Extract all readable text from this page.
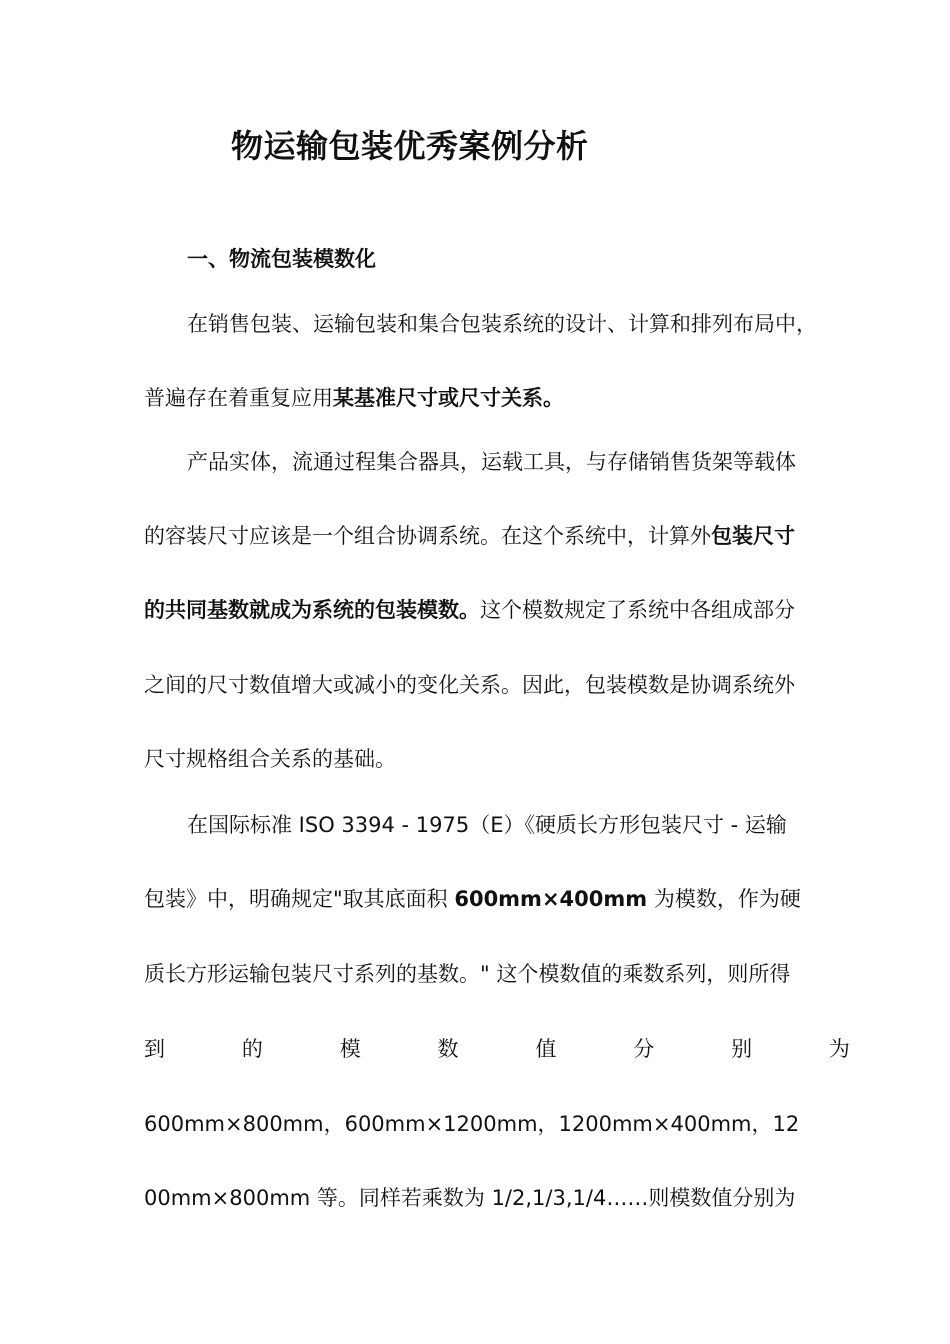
物运输包装优秀案例分析
一、物流包装模数化
在销售包装、运输包装和集合包装系统的设计、计算和排列布局中，
普遍存在着重复应用某基准尺寸或尺寸关系。
产品实体，流通过程集合器具，运载工具，与存储销售货架等载体
的容装尺寸应该是一个组合协调系统。在这个系统中，计算外包装尺寸
的共同基数就成为系统的包装模数。这个模数规定了系统中各组成部分
之间的尺寸数值增大或减小的变化关系。因此，包装模数是协调系统外
尺寸规格组合关系的基础。
在国际标准 ISO 3394 - 1975（E）《硬质长方形包装尺寸 - 运输
包装》中，明确规定"取其底面积 600mm×400mm 为模数，作为硬
质长方形运输包装尺寸系列的基数。" 这个模数值的乘数系列，则所得
到	的	模	数	值	分	别	为
600mm×800mm，600mm×1200mm，1200mm×400mm，12
00mm×800mm 等。同样若乘数为 1/2,1/3,1/4……则模数值分别为
